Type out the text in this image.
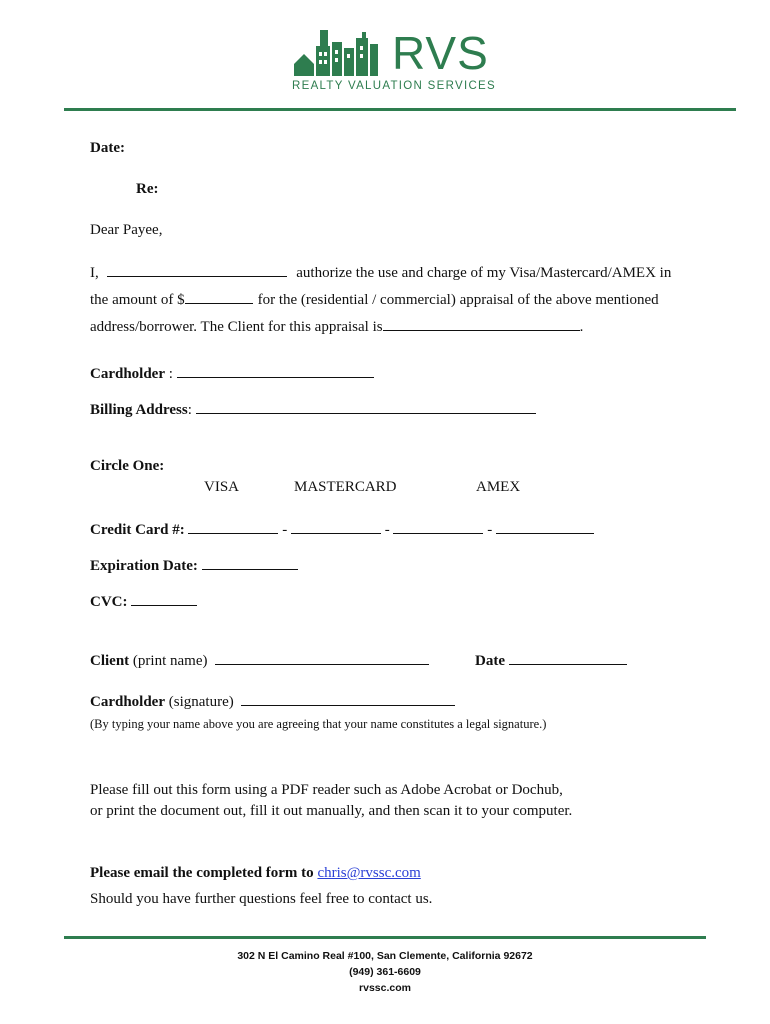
RVS
REALTY VALUATION SERVICES
Date:
Re:
Dear Payee,
I,	authorize the use and charge of my Visa/Mastercard/AMEX in
the amount of $	for the (residential / commercial) appraisal of the above mentioned
address/borrower. The Client for this appraisal is	.
Cardholder :
Billing Address:
Circle One:
VISA	MASTERCARD	AMEX
Credit Card #:	-	-	-
Expiration Date:
CVC:
Client (print name)	Date
Cardholder (signature)
(By typing your name above you are agreeing that your name constitutes a legal signature.)
Please fill out this form using a PDF reader such as Adobe Acrobat or Dochub,
or print the document out, fill it out manually, and then scan it to your computer.
Please email the completed form to chris@rvssc.com
Should you have further questions feel free to contact us.
302 N El Camino Real #100, San Clemente, California 92672
(949) 361-6609
rvssc.com
